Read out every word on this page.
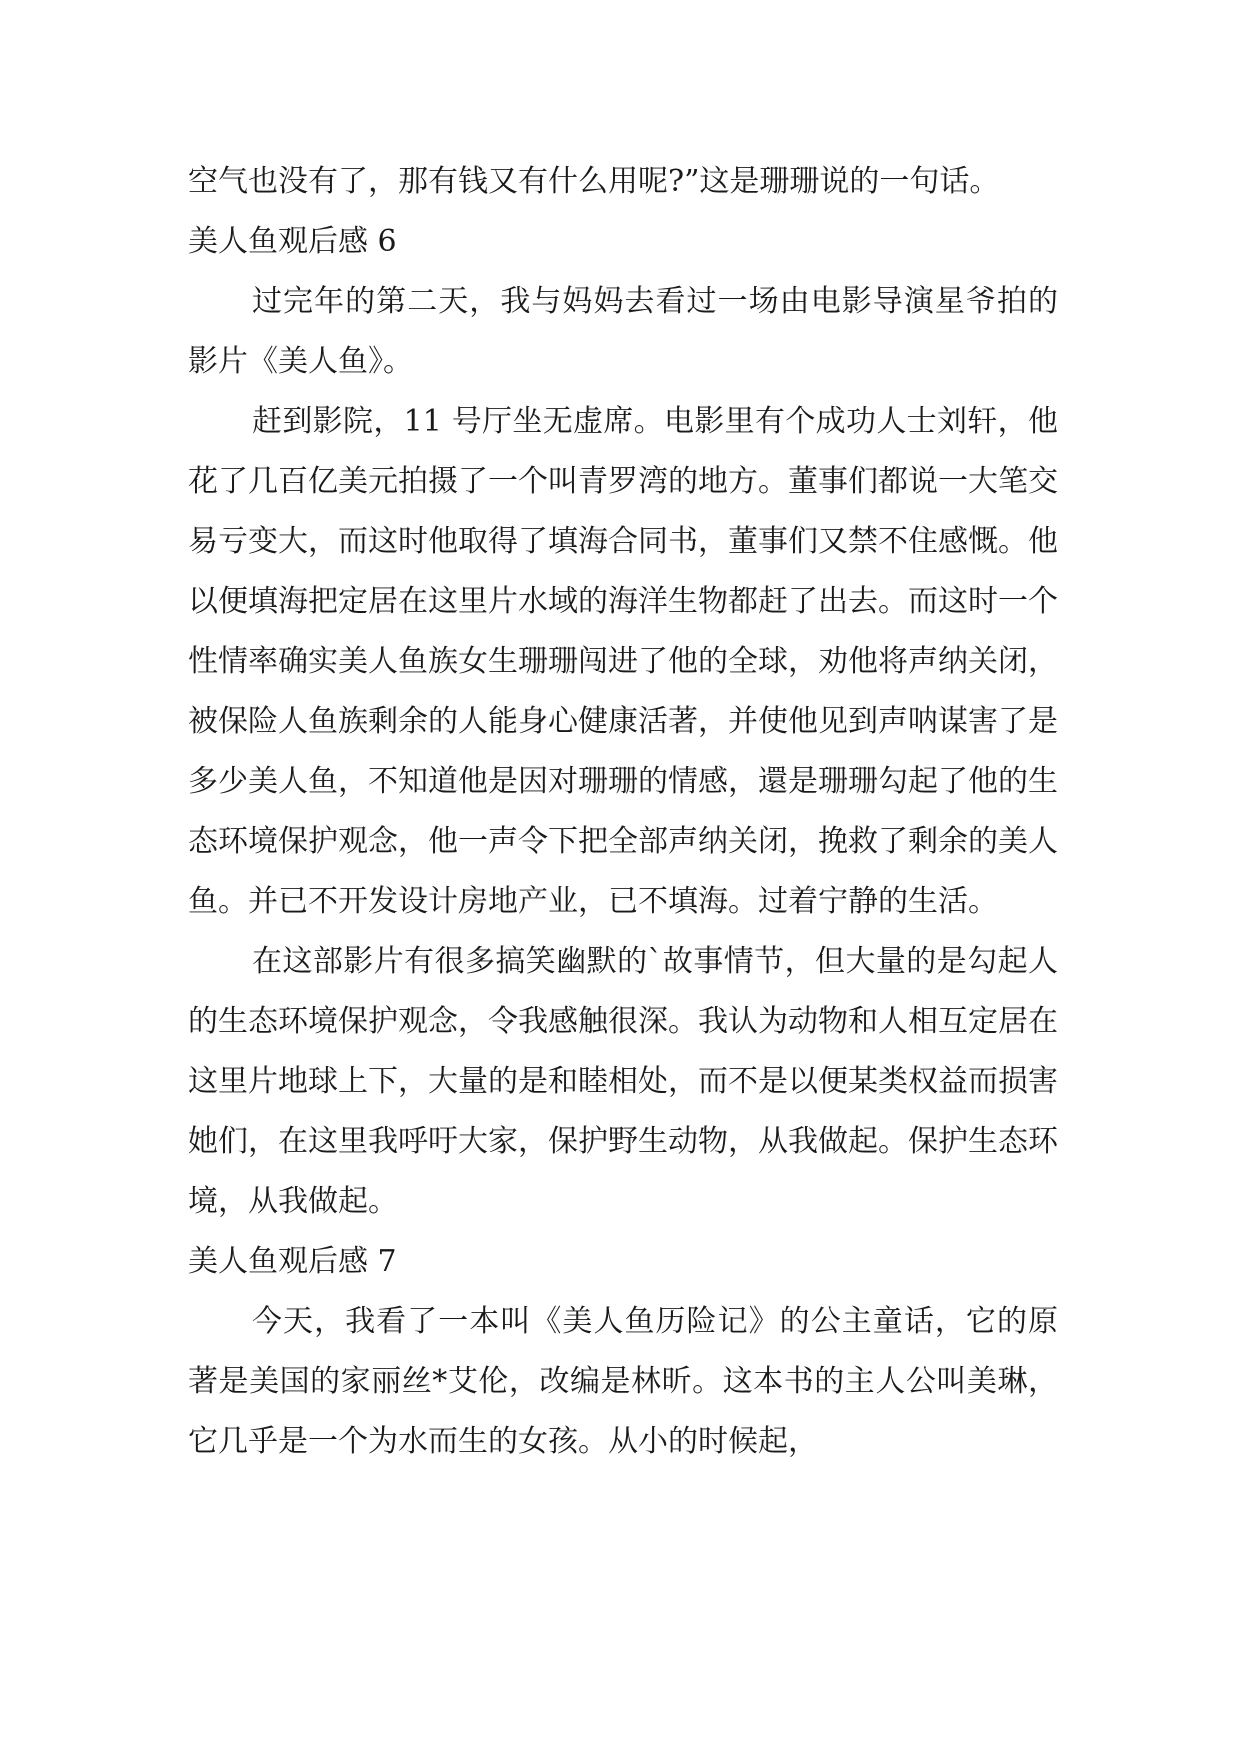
空气也没有了，那有钱又有什么用呢?”这是珊珊说的一句话。

美人鱼观后感 6

过完年的第二天，我与妈妈去看过一场由电影导演星爷拍的影片《美人鱼》。

赶到影院，11 号厅坐无虚席。电影里有个成功人士刘轩，他花了几百亿美元拍摄了一个叫青罗湾的地方。董事们都说一大笔交易亏变大，而这时他取得了填海合同书，董事们又禁不住感慨。他以便填海把定居在这里片水域的海洋生物都赶了出去。而这时一个性情率确实美人鱼族女生珊珊闯进了他的全球，劝他将声纳关闭，被保险人鱼族剩余的人能身心健康活著，并使他见到声呐谋害了是多少美人鱼，不知道他是因对珊珊的情感，還是珊珊勾起了他的生态环境保护观念，他一声令下把全部声纳关闭，挽救了剩余的美人鱼。并已不开发设计房地产业，已不填海。过着宁静的生活。

在这部影片有很多搞笑幽默的`故事情节，但大量的是勾起人的生态环境保护观念，令我感触很深。我认为动物和人相互定居在这里片地球上下，大量的是和睦相处，而不是以便某类权益而损害她们，在这里我呼吁大家，保护野生动物，从我做起。保护生态环境，从我做起。

美人鱼观后感 7

今天，我看了一本叫《美人鱼历险记》的公主童话，它的原著是美国的家丽丝*艾伦，改编是林昕。这本书的主人公叫美琳，它几乎是一个为水而生的女孩。从小的时候起，
